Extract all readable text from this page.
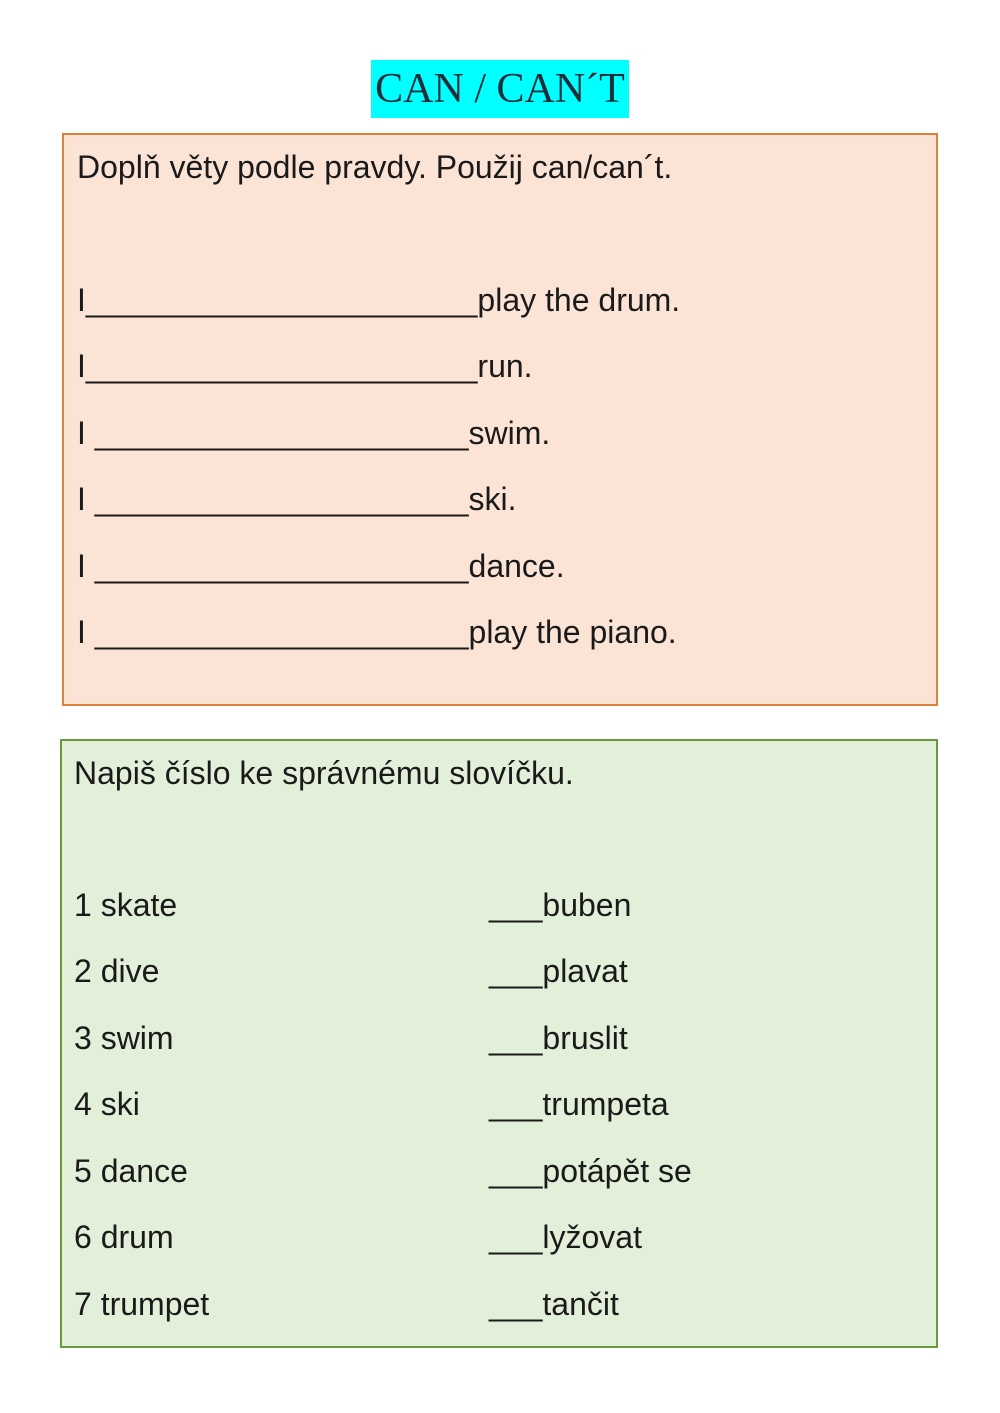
CAN / CAN´T
Doplň věty podle pravdy. Použij can/can´t.
I______________________play the drum.
I______________________run.
I _____________________swim.
I _____________________ski.
I _____________________dance.
I _____________________play the piano.
Napiš číslo ke správnému slovíčku.
1 skate
2 dive
3 swim
4 ski
5 dance
6 drum
7 trumpet
___buben
___plavat
___bruslit
___trumpeta
___potápět se
___lyžovat
___tančit
